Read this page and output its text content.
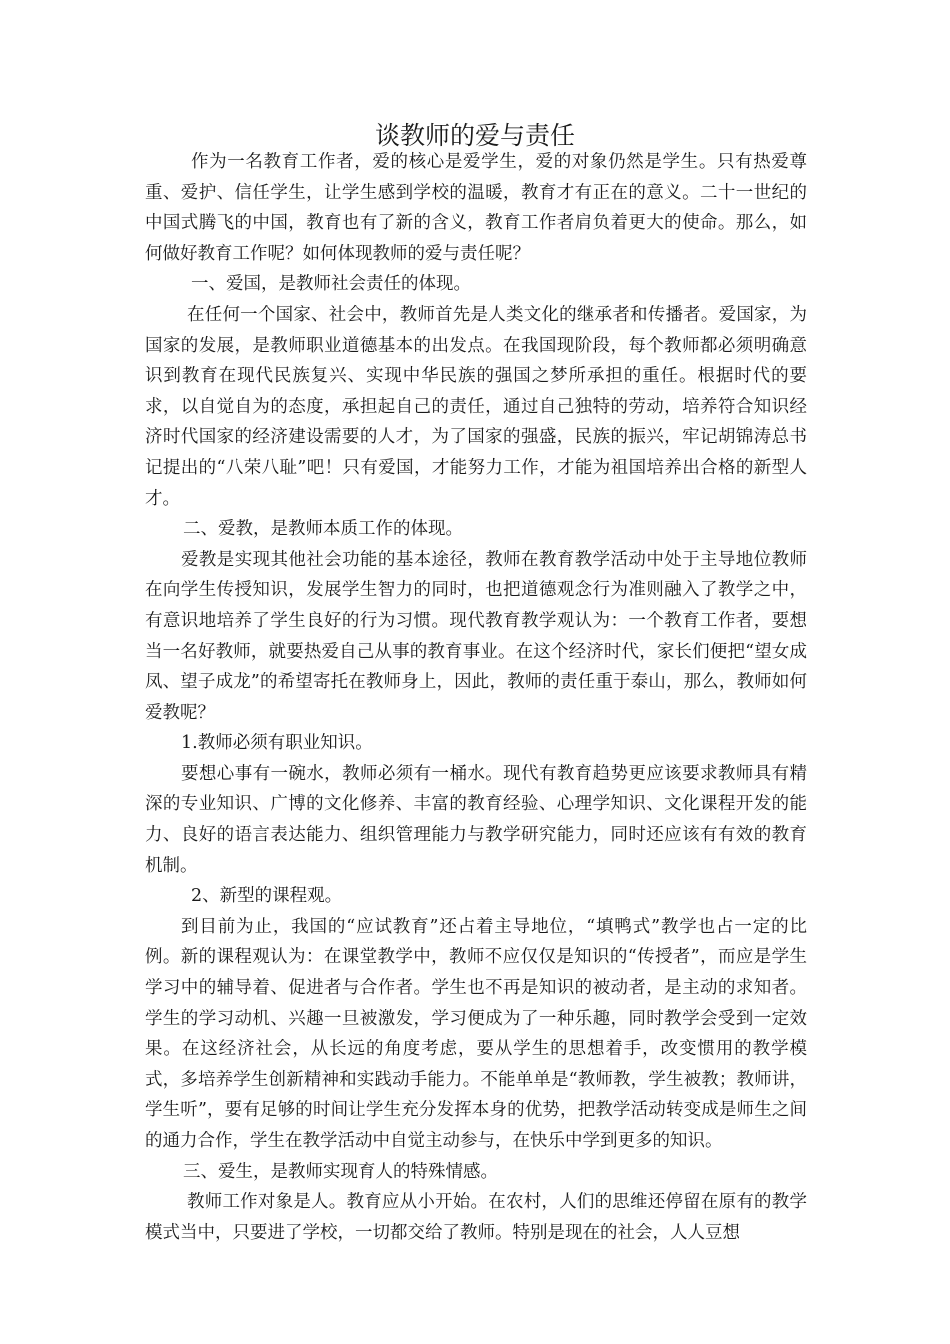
谈教师的爱与责任

作为一名教育工作者，爱的核心是爱学生，爱的对象仍然是学生。只有热爱尊重、爱护、信任学生，让学生感到学校的温暖，教育才有正在的意义。二十一世纪的中国式腾飞的中国，教育也有了新的含义，教育工作者肩负着更大的使命。那么，如何做好教育工作呢？如何体现教师的爱与责任呢？

一、爱国，是教师社会责任的体现。

在任何一个国家、社会中，教师首先是人类文化的继承者和传播者。爱国家，为国家的发展，是教师职业道德基本的出发点。在我国现阶段，每个教师都必须明确意识到教育在现代民族复兴、实现中华民族的强国之梦所承担的重任。根据时代的要求，以自觉自为的态度，承担起自己的责任，通过自己独特的劳动，培养符合知识经济时代国家的经济建设需要的人才，为了国家的强盛，民族的振兴，牢记胡锦涛总书记提出的“八荣八耻”吧！只有爱国，才能努力工作，才能为祖国培养出合格的新型人才。

二、爱教，是教师本质工作的体现。

爱教是实现其他社会功能的基本途径，教师在教育教学活动中处于主导地位教师在向学生传授知识，发展学生智力的同时，也把道德观念行为准则融入了教学之中，有意识地培养了学生良好的行为习惯。现代教育教学观认为：一个教育工作者，要想当一名好教师，就要热爱自己从事的教育事业。在这个经济时代，家长们便把“望女成凤、望子成龙”的希望寄托在教师身上，因此，教师的责任重于泰山，那么，教师如何爱教呢？

1.教师必须有职业知识。

要想心事有一碗水，教师必须有一桶水。现代有教育趋势更应该要求教师具有精深的专业知识、广博的文化修养、丰富的教育经验、心理学知识、文化课程开发的能力、良好的语言表达能力、组织管理能力与教学研究能力，同时还应该有有效的教育机制。

2、新型的课程观。

到目前为止，我国的“应试教育”还占着主导地位，“填鸭式”教学也占一定的比例。新的课程观认为：在课堂教学中，教师不应仅仅是知识的“传授者”，而应是学生学习中的辅导着、促进者与合作者。学生也不再是知识的被动者，是主动的求知者。学生的学习动机、兴趣一旦被激发，学习便成为了一种乐趣，同时教学会受到一定效果。在这经济社会，从长远的角度考虑，要从学生的思想着手，改变惯用的教学模式，多培养学生创新精神和实践动手能力。不能单单是“教师教，学生被教；教师讲，学生听”，要有足够的时间让学生充分发挥本身的优势，把教学活动转变成是师生之间的通力合作，学生在教学活动中自觉主动参与，在快乐中学到更多的知识。

三、爱生，是教师实现育人的特殊情感。

教师工作对象是人。教育应从小开始。在农村，人们的思维还停留在原有的教学模式当中，只要进了学校，一切都交给了教师。特别是现在的社会，人人豆想
